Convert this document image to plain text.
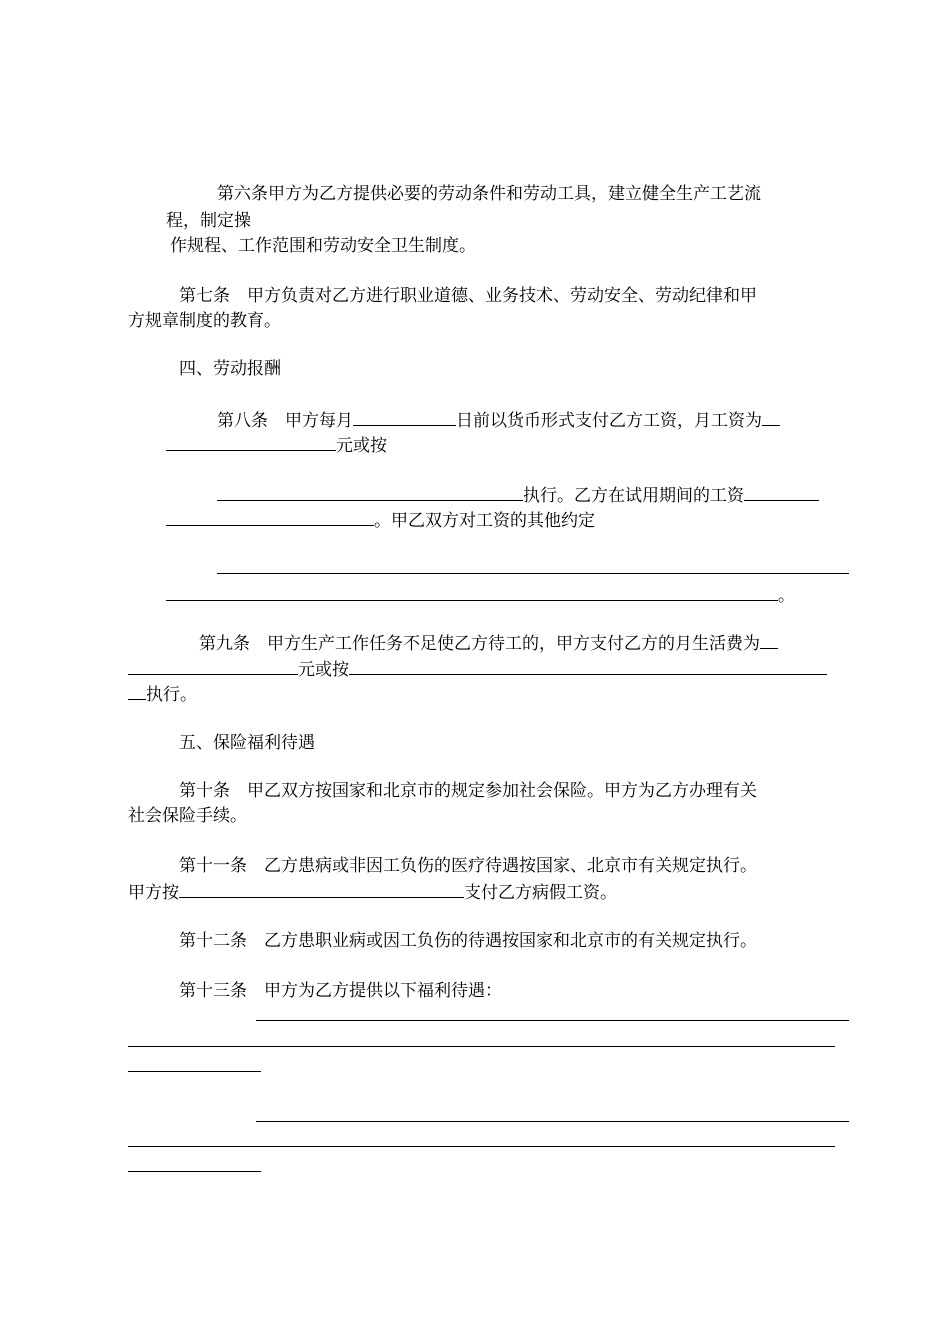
第六条甲方为乙方提供必要的劳动条件和劳动工具，建立健全生产工艺流
程，制定操
作规程、工作范围和劳动安全卫生制度。
第七条　甲方负责对乙方进行职业道德、业务技术、劳动安全、劳动纪律和甲
方规章制度的教育。
四、劳动报酬
第八条　甲方每月	日前以货币形式支付乙方工资，月工资为
元或按
执行。乙方在试用期间的工资
。甲乙双方对工资的其他约定
。
第九条　甲方生产工作任务不足使乙方待工的，甲方支付乙方的月生活费为
元或按
执行。
五、保险福利待遇
第十条　甲乙双方按国家和北京市的规定参加社会保险。甲方为乙方办理有关
社会保险手续。
第十一条　乙方患病或非因工负伤的医疗待遇按国家、北京市有关规定执行。
甲方按	支付乙方病假工资。
第十二条　乙方患职业病或因工负伤的待遇按国家和北京市的有关规定执行。
第十三条　甲方为乙方提供以下福利待遇：
